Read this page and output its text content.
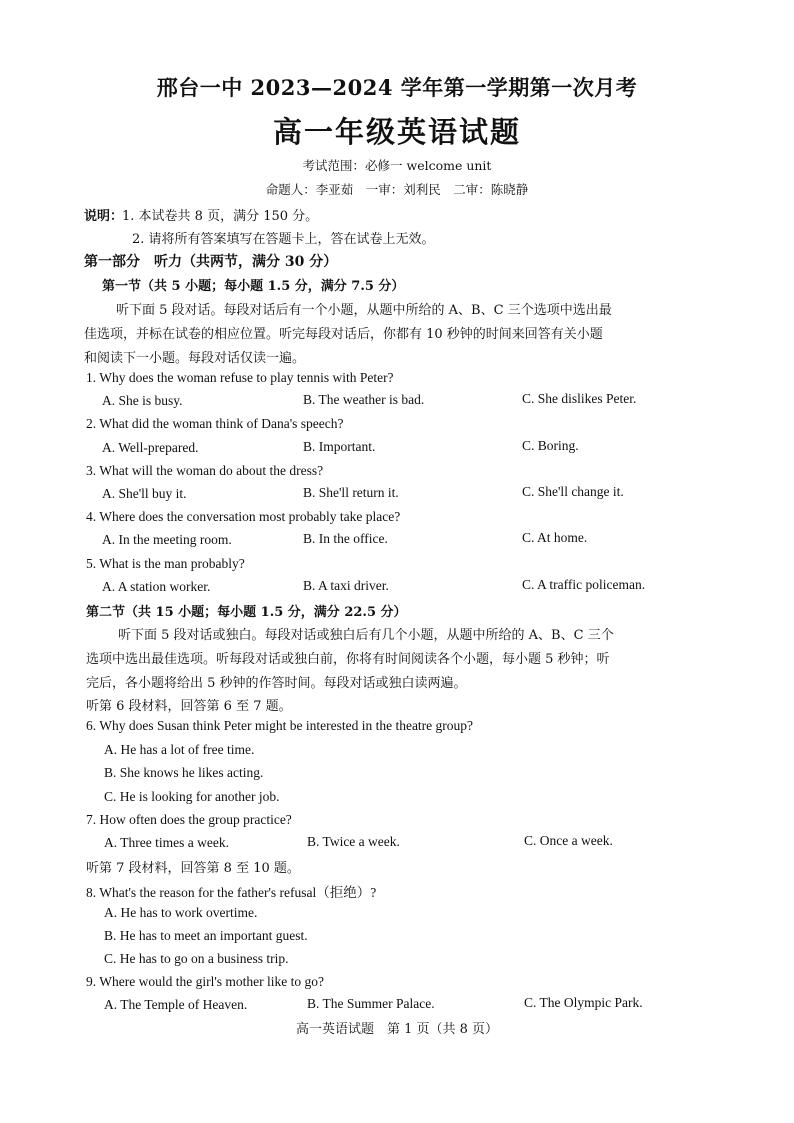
邢台一中 2023—2024 学年第一学期第一次月考
高一年级英语试题
考试范围：必修一 welcome unit
命题人：李亚茹　一审：刘利民　二审：陈晓静
说明：
1. 本试卷共 8 页，满分 150 分。
2. 请将所有答案填写在答题卡上，答在试卷上无效。
第一部分　听力（共两节，满分 30 分）
第一节（共 5 小题；每小题 1.5 分，满分 7.5 分）
听下面 5 段对话。每段对话后有一个小题，从题中所给的 A、B、C 三个选项中选出最
佳选项，并标在试卷的相应位置。听完每段对话后，你都有 10 秒钟的时间来回答有关小题
和阅读下一小题。每段对话仅读一遍。
1. Why does the woman refuse to play tennis with Peter?
A. She is busy.	B. The weather is bad.	C. She dislikes Peter.
2. What did the woman think of Dana's speech?
A. Well-prepared.	B. Important.	C. Boring.
3. What will the woman do about the dress?
A. She'll buy it.	B. She'll return it.	C. She'll change it.
4. Where does the conversation most probably take place?
A. In the meeting room.	B. In the office.	C. At home.
5. What is the man probably?
A. A station worker.	B. A taxi driver.	C. A traffic policeman.
第二节（共 15 小题；每小题 1.5 分，满分 22.5 分）
听下面 5 段对话或独白。每段对话或独白后有几个小题，从题中所给的 A、B、C 三个
选项中选出最佳选项。听每段对话或独白前，你将有时间阅读各个小题，每小题 5 秒钟；听
完后，各小题将给出 5 秒钟的作答时间。每段对话或独白读两遍。
听第 6 段材料，回答第 6 至 7 题。
6. Why does Susan think Peter might be interested in the theatre group?
A. He has a lot of free time.
B. She knows he likes acting.
C. He is looking for another job.
7. How often does the group practice?
A. Three times a week.	B. Twice a week.	C. Once a week.
听第 7 段材料，回答第 8 至 10 题。
8. What's the reason for the father's refusal（拒绝）?
A. He has to work overtime.
B. He has to meet an important guest.
C. He has to go on a business trip.
9. Where would the girl's mother like to go?
A. The Temple of Heaven.	B. The Summer Palace.	C. The Olympic Park.
高一英语试题　第 1 页（共 8 页）
